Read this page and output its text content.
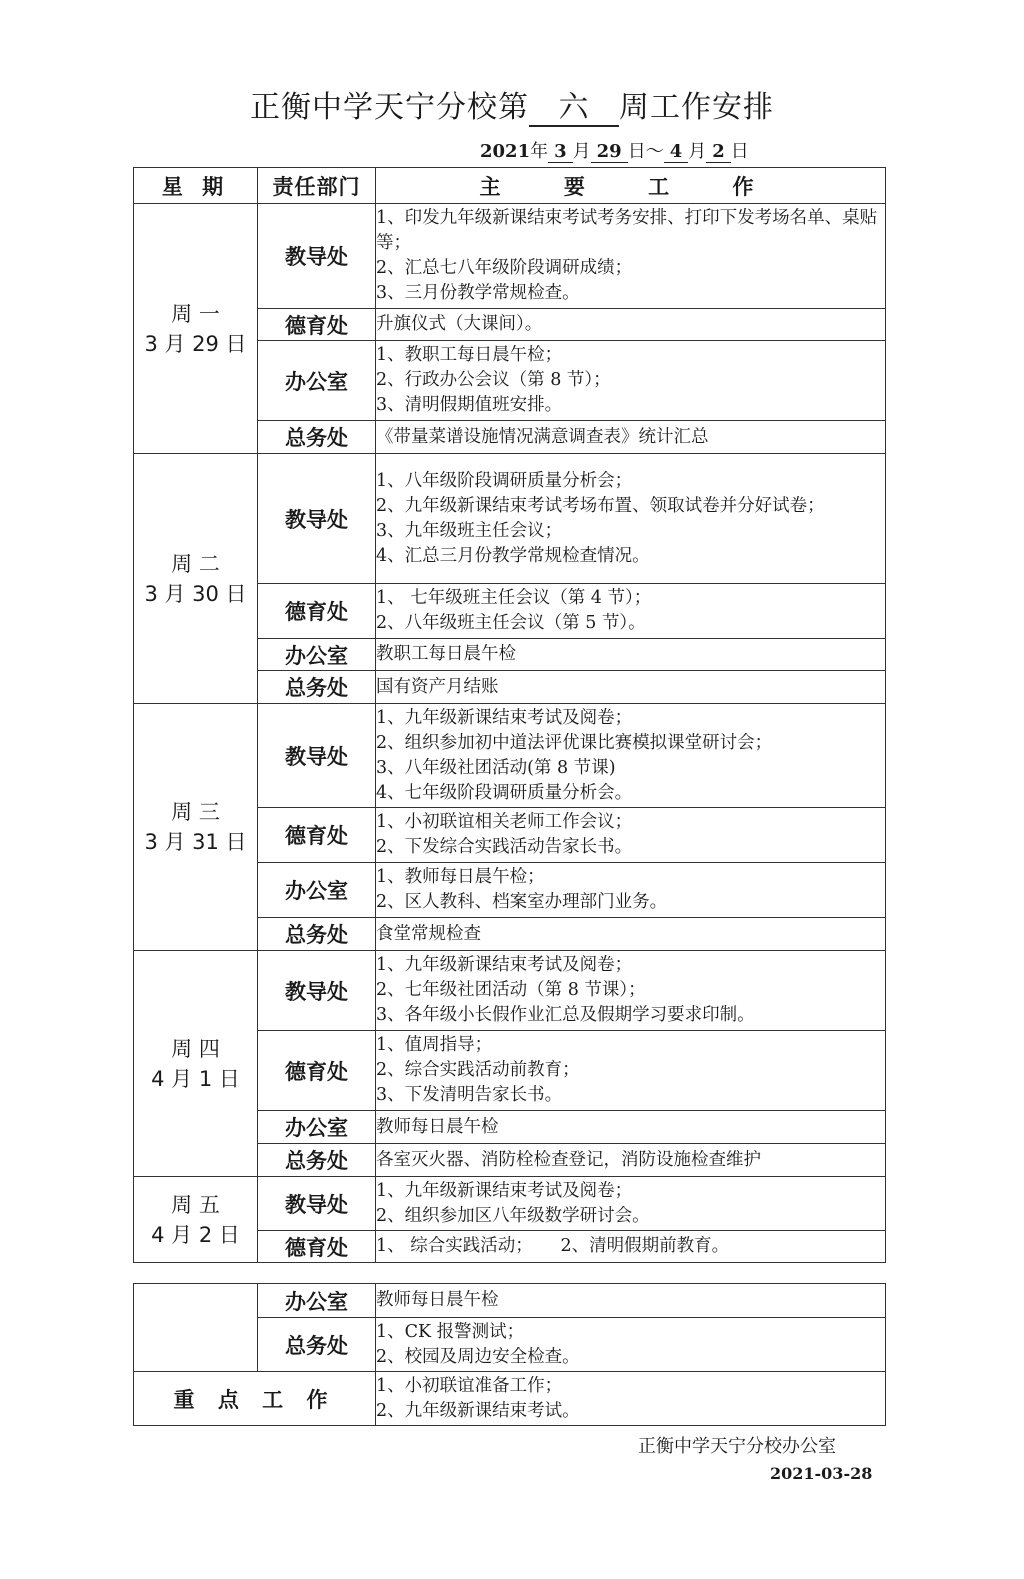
正衡中学天宁分校第 六 周工作安排
2021年 3 月 29 日～ 4 月 2 日
星 期	责任部门	主 要 工 作

周 一
3 月 29 日	教导处	1、印发九年级新课结束考试考务安排、打印下发考场名单、桌贴等；
2、汇总七八年级阶段调研成绩；
3、三月份教学常规检查。

	德育处	升旗仪式（大课间）。

	办公室	1、教职工每日晨午检；
2、行政办公会议（第 8 节）；
3、清明假期值班安排。

	总务处	《带量菜谱设施情况满意调查表》统计汇总

周 二
3 月 30 日	教导处	1、八年级阶段调研质量分析会；
2、九年级新课结束考试考场布置、领取试卷并分好试卷；
3、九年级班主任会议；
4、汇总三月份教学常规检查情况。

	德育处	1、 七年级班主任会议（第 4 节）；
2、八年级班主任会议（第 5 节）。

	办公室	教职工每日晨午检

	总务处	国有资产月结账

周 三
3 月 31 日	教导处	1、九年级新课结束考试及阅卷；
2、组织参加初中道法评优课比赛模拟课堂研讨会；
3、八年级社团活动(第 8 节课)
4、七年级阶段调研质量分析会。

	德育处	1、小初联谊相关老师工作会议；
2、下发综合实践活动告家长书。

	办公室	1、教师每日晨午检；
2、区人教科、档案室办理部门业务。

	总务处	食堂常规检查

周 四
4 月 1 日	教导处	1、九年级新课结束考试及阅卷；
2、七年级社团活动（第 8 节课）；
3、各年级小长假作业汇总及假期学习要求印制。

	德育处	1、值周指导；
2、综合实践活动前教育；
3、下发清明告家长书。

	办公室	教师每日晨午检

	总务处	各室灭火器、消防栓检查登记，消防设施检查维护

周 五
4 月 2 日	教导处	1、九年级新课结束考试及阅卷；
2、组织参加区八年级数学研讨会。

	德育处	1、 综合实践活动；     2、清明假期前教育。
	办公室	教师每日晨午检

	总务处	1、CK 报警测试；
2、校园及周边安全检查。

重 点 工 作		1、小初联谊准备工作；
2、九年级新课结束考试。
正衡中学天宁分校办公室
2021-03-28
